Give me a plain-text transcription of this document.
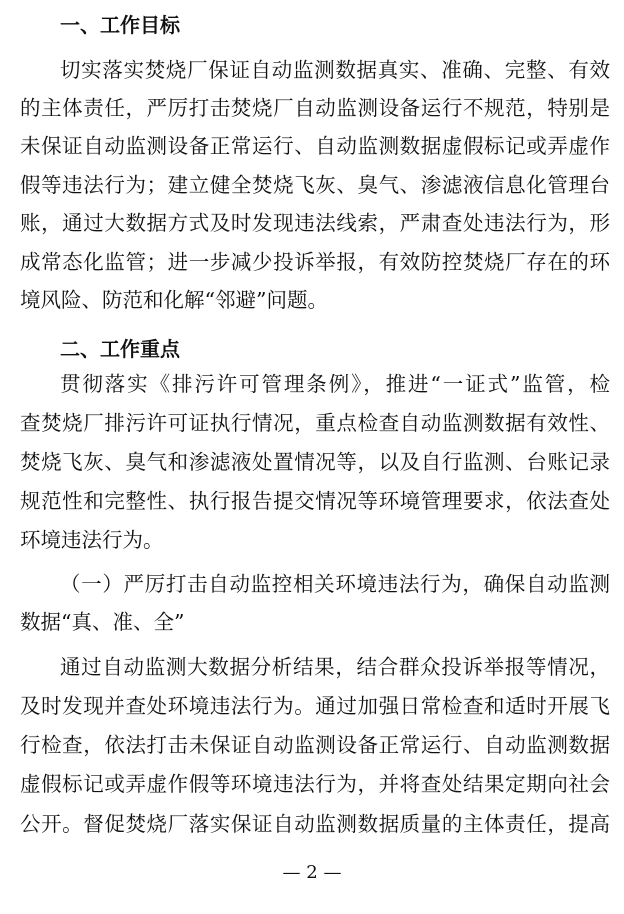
一、工作目标
切实落实焚烧厂保证自动监测数据真实、准确、完整、有效
的主体责任，严厉打击焚烧厂自动监测设备运行不规范，特别是
未保证自动监测设备正常运行、自动监测数据虚假标记或弄虚作
假等违法行为；建立健全焚烧飞灰、臭气、渗滤液信息化管理台
账，通过大数据方式及时发现违法线索，严肃查处违法行为，形
成常态化监管；进一步减少投诉举报，有效防控焚烧厂存在的环
境风险、防范和化解“邻避”问题。
二、工作重点
贯彻落实《排污许可管理条例》，推进“一证式”监管，检
查焚烧厂排污许可证执行情况，重点检查自动监测数据有效性、
焚烧飞灰、臭气和渗滤液处置情况等，以及自行监测、台账记录
规范性和完整性、执行报告提交情况等环境管理要求，依法查处
环境违法行为。
（一）严厉打击自动监控相关环境违法行为，确保自动监测
数据“真、准、全”
通过自动监测大数据分析结果，结合群众投诉举报等情况，
及时发现并查处环境违法行为。通过加强日常检查和适时开展飞
行检查，依法打击未保证自动监测设备正常运行、自动监测数据
虚假标记或弄虚作假等环境违法行为，并将查处结果定期向社会
公开。督促焚烧厂落实保证自动监测数据质量的主体责任，提高
— 2 —
